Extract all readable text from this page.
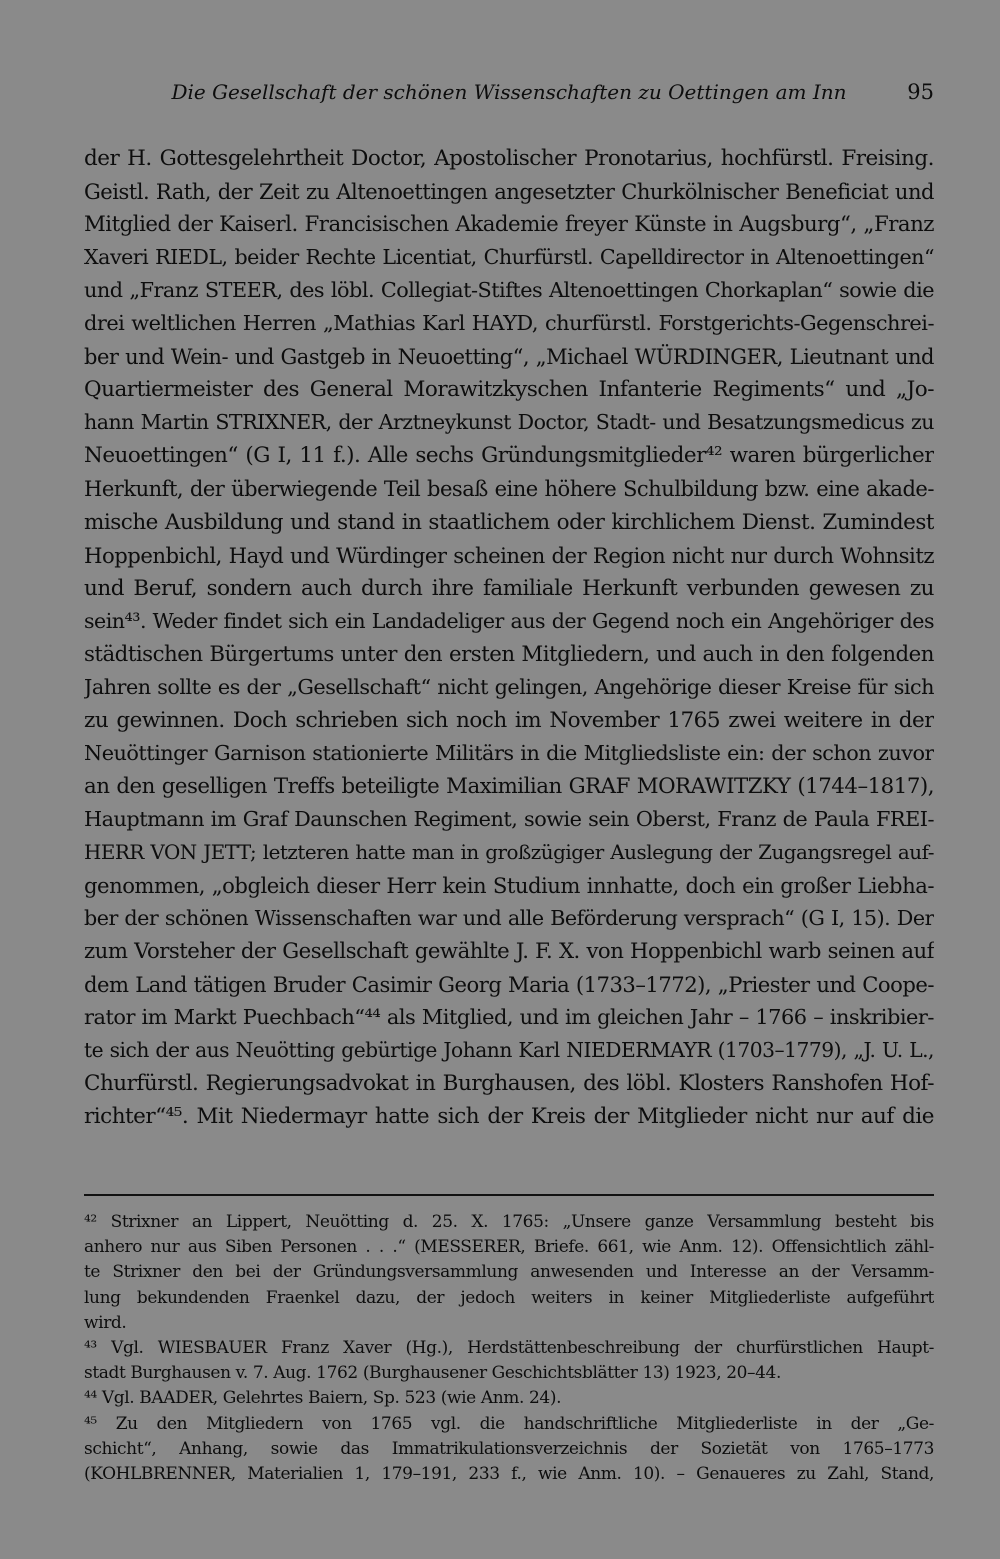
Die Gesellschaft der schönen Wissenschaften zu Oettingen am Inn	95
der H. Gottesgelehrtheit Doctor, Apostolischer Pronotarius, hochfürstl. Freising.
Geistl. Rath, der Zeit zu Altenoettingen angesetzter Churkölnischer Beneficiat und
Mitglied der Kaiserl. Francisischen Akademie freyer Künste in Augsburg“, „Franz
Xaveri RIEDL, beider Rechte Licentiat, Churfürstl. Capelldirector in Altenoettingen“
und „Franz STEER, des löbl. Collegiat-Stiftes Altenoettingen Chorkaplan“ sowie die
drei weltlichen Herren „Mathias Karl HAYD, churfürstl. Forstgerichts-Gegenschrei-
ber und Wein- und Gastgeb in Neuoetting“, „Michael WÜRDINGER, Lieutnant und
Quartiermeister des General Morawitzkyschen Infanterie Regiments“ und „Jo-
hann Martin STRIXNER, der Arztneykunst Doctor, Stadt- und Besatzungsmedicus zu
Neuoettingen“ (G I, 11 f.). Alle sechs Gründungsmitglieder⁴² waren bürgerlicher
Herkunft, der überwiegende Teil besaß eine höhere Schulbildung bzw. eine akade-
mische Ausbildung und stand in staatlichem oder kirchlichem Dienst. Zumindest
Hoppenbichl, Hayd und Würdinger scheinen der Region nicht nur durch Wohnsitz
und Beruf, sondern auch durch ihre familiale Herkunft verbunden gewesen zu
sein⁴³. Weder findet sich ein Landadeliger aus der Gegend noch ein Angehöriger des
städtischen Bürgertums unter den ersten Mitgliedern, und auch in den folgenden
Jahren sollte es der „Gesellschaft“ nicht gelingen, Angehörige dieser Kreise für sich
zu gewinnen. Doch schrieben sich noch im November 1765 zwei weitere in der
Neuöttinger Garnison stationierte Militärs in die Mitgliedsliste ein: der schon zuvor
an den geselligen Treffs beteiligte Maximilian GRAF MORAWITZKY (1744–1817),
Hauptmann im Graf Daunschen Regiment, sowie sein Oberst, Franz de Paula FREI-
HERR VON JETT; letzteren hatte man in großzügiger Auslegung der Zugangsregel auf-
genommen, „obgleich dieser Herr kein Studium innhatte, doch ein großer Liebha-
ber der schönen Wissenschaften war und alle Beförderung versprach“ (G I, 15). Der
zum Vorsteher der Gesellschaft gewählte J. F. X. von Hoppenbichl warb seinen auf
dem Land tätigen Bruder Casimir Georg Maria (1733–1772), „Priester und Coope-
rator im Markt Puechbach“⁴⁴ als Mitglied, und im gleichen Jahr – 1766 – inskribier-
te sich der aus Neuötting gebürtige Johann Karl NIEDERMAYR (1703–1779), „J. U. L.,
Churfürstl. Regierungsadvokat in Burghausen, des löbl. Klosters Ranshofen Hof-
richter“⁴⁵. Mit Niedermayr hatte sich der Kreis der Mitglieder nicht nur auf die
⁴² Strixner an Lippert, Neuötting d. 25. X. 1765: „Unsere ganze Versammlung besteht bis
anhero nur aus Siben Personen . . .“ (MESSERER, Briefe. 661, wie Anm. 12). Offensichtlich zähl-
te Strixner den bei der Gründungsversammlung anwesenden und Interesse an der Versamm-
lung bekundenden Fraenkel dazu, der jedoch weiters in keiner Mitgliederliste aufgeführt
wird.
⁴³ Vgl. WIESBAUER Franz Xaver (Hg.), Herdstättenbeschreibung der churfürstlichen Haupt-
stadt Burghausen v. 7. Aug. 1762 (Burghausener Geschichtsblätter 13) 1923, 20–44.
⁴⁴ Vgl. BAADER, Gelehrtes Baiern, Sp. 523 (wie Anm. 24).
⁴⁵ Zu den Mitgliedern von 1765 vgl. die handschriftliche Mitgliederliste in der „Ge-
schicht“, Anhang, sowie das Immatrikulationsverzeichnis der Sozietät von 1765–1773
(KOHLBRENNER, Materialien 1, 179–191, 233 f., wie Anm. 10). – Genaueres zu Zahl, Stand,
